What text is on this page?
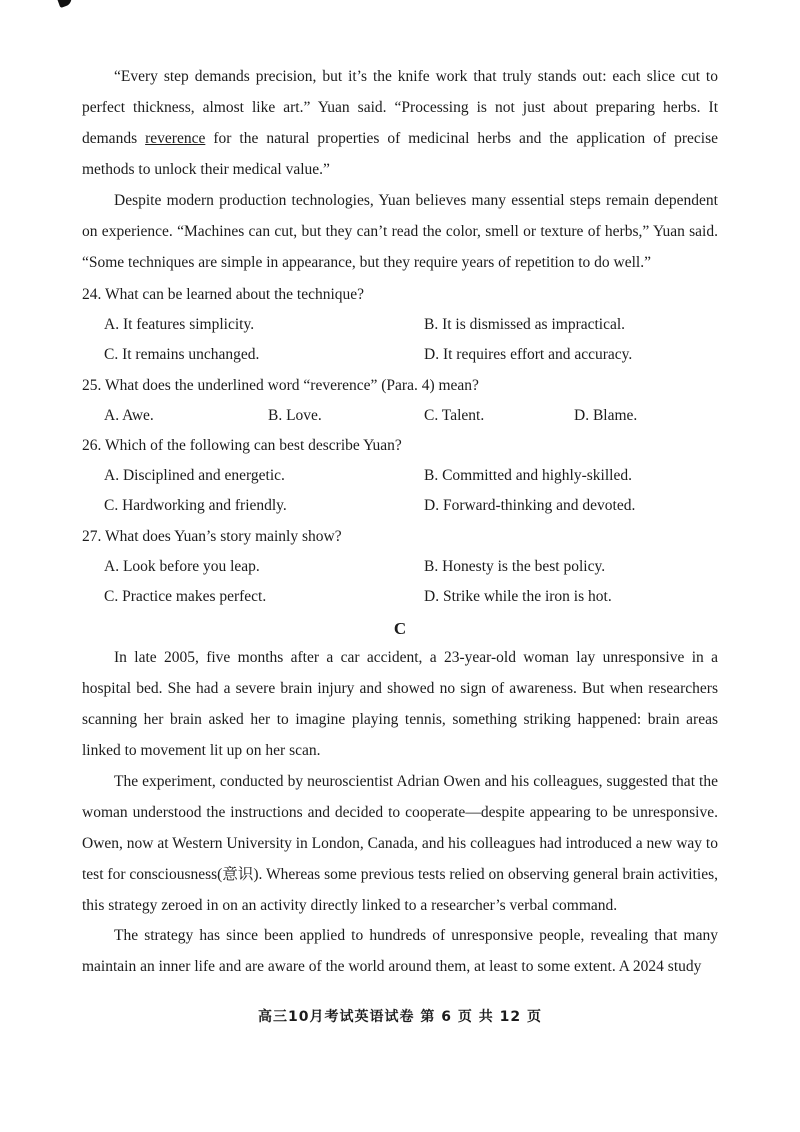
“Every step demands precision, but it’s the knife work that truly stands out: each slice cut to perfect thickness, almost like art.” Yuan said. “Processing is not just about preparing herbs. It demands reverence for the natural properties of medicinal herbs and the application of precise methods to unlock their medical value.”

Despite modern production technologies, Yuan believes many essential steps remain dependent on experience. “Machines can cut, but they can’t read the color, smell or texture of herbs,” Yuan said. “Some techniques are simple in appearance, but they require years of repetition to do well.”

24. What can be learned about the technique?

A. It features simplicity.	B. It is dismissed as impractical.

C. It remains unchanged.	D. It requires effort and accuracy.

25. What does the underlined word “reverence” (Para. 4) mean?

A. Awe.	B. Love.	C. Talent.	D. Blame.

26. Which of the following can best describe Yuan?

A. Disciplined and energetic.	B. Committed and highly-skilled.

C. Hardworking and friendly.	D. Forward-thinking and devoted.

27. What does Yuan’s story mainly show?

A. Look before you leap.	B. Honesty is the best policy.

C. Practice makes perfect.	D. Strike while the iron is hot.

C

In late 2005, five months after a car accident, a 23-year-old woman lay unresponsive in a hospital bed. She had a severe brain injury and showed no sign of awareness. But when researchers scanning her brain asked her to imagine playing tennis, something striking happened: brain areas linked to movement lit up on her scan.

The experiment, conducted by neuroscientist Adrian Owen and his colleagues, suggested that the woman understood the instructions and decided to cooperate—despite appearing to be unresponsive. Owen, now at Western University in London, Canada, and his colleagues had introduced a new way to test for consciousness(意识). Whereas some previous tests relied on observing general brain activities, this strategy zeroed in on an activity directly linked to a researcher’s verbal command.

The strategy has since been applied to hundreds of unresponsive people, revealing that many maintain an inner life and are aware of the world around them, at least to some extent. A 2024 study

高三10月考试英语试卷 第 6 页 共 12 页
